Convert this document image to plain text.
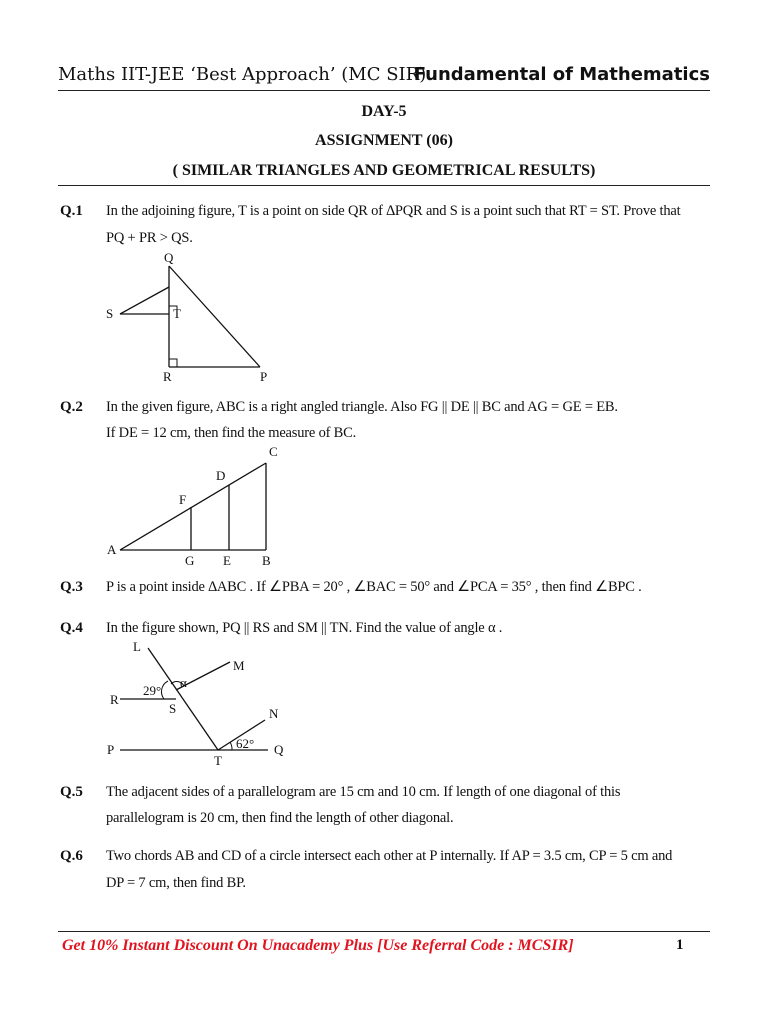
Maths IIT-JEE ‘Best Approach’ (MC SIR)
Fundamental of Mathematics
DAY-5
ASSIGNMENT (06)
( SIMILAR TRIANGLES AND GEOMETRICAL RESULTS)
Q.1 In the adjoining figure, T is a point on side QR of ∆PQR and S is a point such that RT = ST. Prove that
PQ + PR > QS.
Q
S	T
R	P
Q.2 In the given figure, ABC is a right angled triangle. Also FG || DE || BC and AG = GE = EB.
If DE = 12 cm, then find the measure of BC.
C
D
F
A
G E B
Q.3 P is a point inside ∆ABC . If ∠PBA = 20° , ∠BAC = 50° and ∠PCA = 35° , then find ∠BPC .
Q.4 In the figure shown, PQ || RS and SM || TN. Find the value of angle α .
L
M
α
29°
R
S	N
62°
P
T
Q
Q.5 The adjacent sides of a parallelogram are 15 cm and 10 cm. If length of one diagonal of this
parallelogram is 20 cm, then find the length of other diagonal.
Q.6 Two chords AB and CD of a circle intersect each other at P internally. If AP = 3.5 cm, CP = 5 cm and
DP = 7 cm, then find BP.
Get 10% Instant Discount On Unacademy Plus [Use Referral Code : MCSIR]	1
